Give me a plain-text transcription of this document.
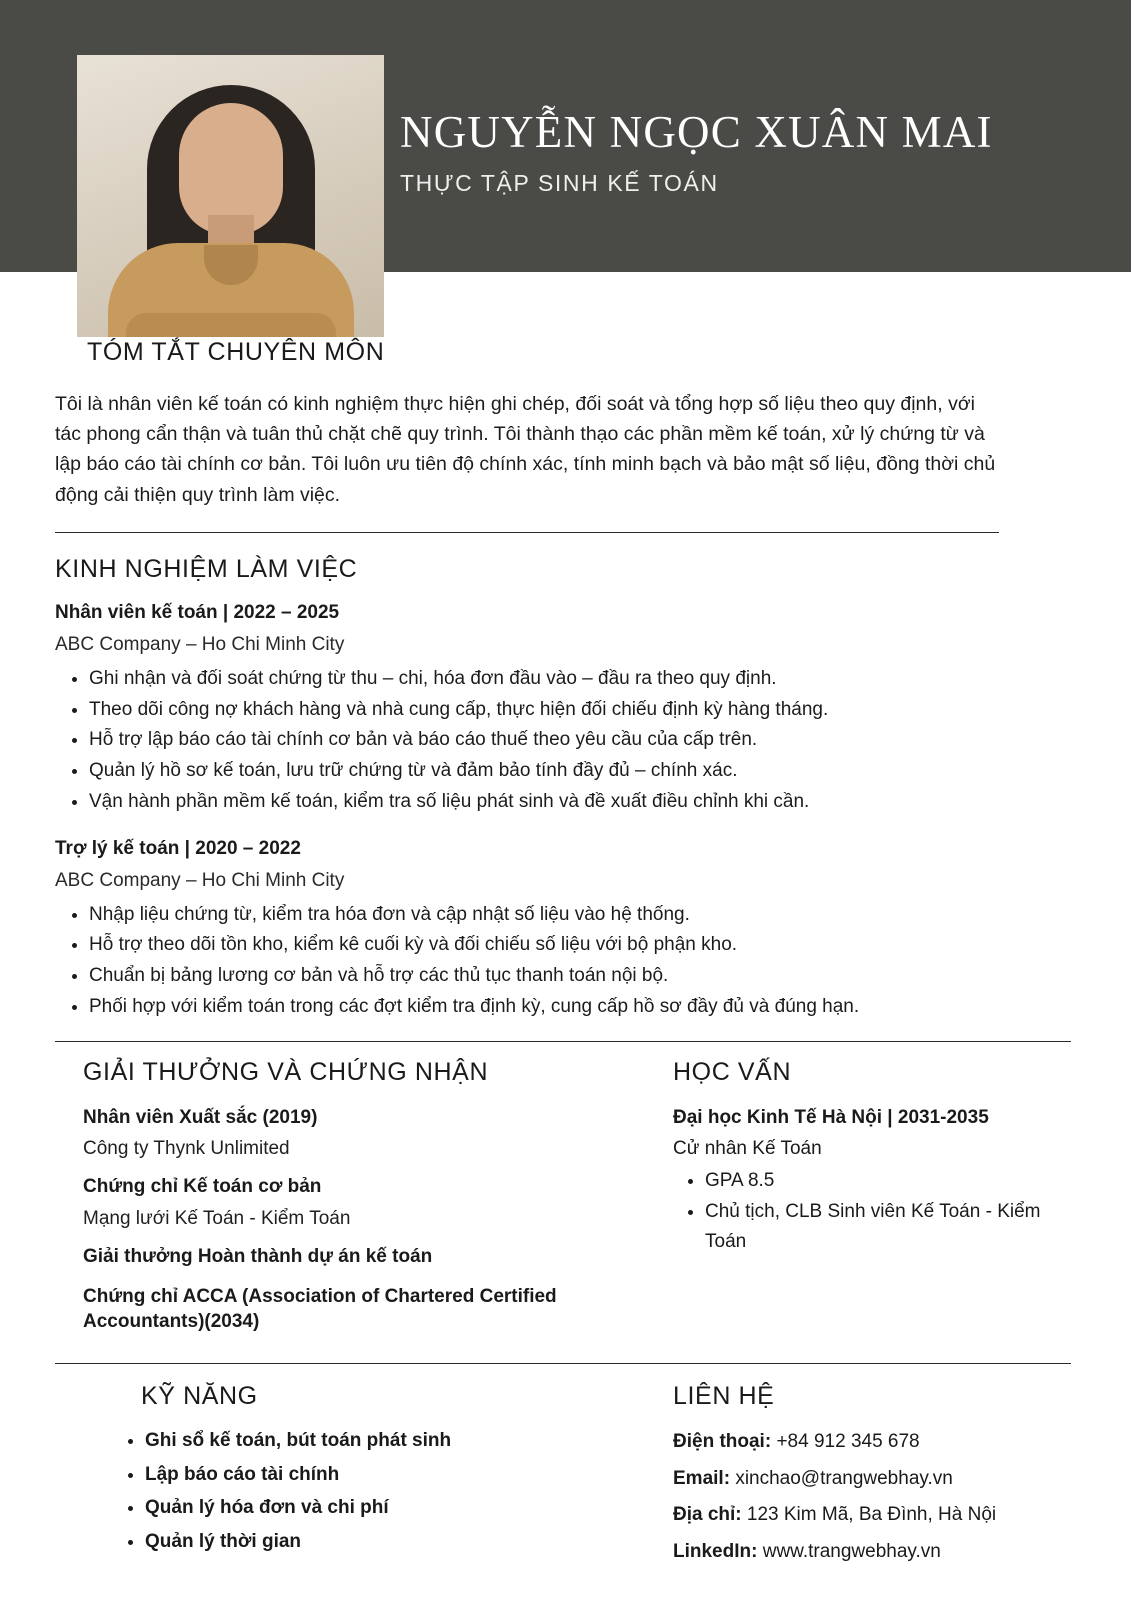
NGUYỄN NGỌC XUÂN MAI
THỰC TẬP SINH KẾ TOÁN
TÓM TẮT CHUYÊN MÔN

Tôi là nhân viên kế toán có kinh nghiệm thực hiện ghi chép, đối soát và tổng hợp số liệu theo quy định, với tác phong cẩn thận và tuân thủ chặt chẽ quy trình. Tôi thành thạo các phần mềm kế toán, xử lý chứng từ và lập báo cáo tài chính cơ bản. Tôi luôn ưu tiên độ chính xác, tính minh bạch và bảo mật số liệu, đồng thời chủ động cải thiện quy trình làm việc.

KINH NGHIỆM LÀM VIỆC

Nhân viên kế toán | 2022 – 2025

ABC Company – Ho Chi Minh City

• Ghi nhận và đối soát chứng từ thu – chi, hóa đơn đầu vào – đầu ra theo quy định.
• Theo dõi công nợ khách hàng và nhà cung cấp, thực hiện đối chiếu định kỳ hàng tháng.
• Hỗ trợ lập báo cáo tài chính cơ bản và báo cáo thuế theo yêu cầu của cấp trên.
• Quản lý hồ sơ kế toán, lưu trữ chứng từ và đảm bảo tính đầy đủ – chính xác.
• Vận hành phần mềm kế toán, kiểm tra số liệu phát sinh và đề xuất điều chỉnh khi cần.

Trợ lý kế toán | 2020 – 2022

ABC Company – Ho Chi Minh City

• Nhập liệu chứng từ, kiểm tra hóa đơn và cập nhật số liệu vào hệ thống.
• Hỗ trợ theo dõi tồn kho, kiểm kê cuối kỳ và đối chiếu số liệu với bộ phận kho.
• Chuẩn bị bảng lương cơ bản và hỗ trợ các thủ tục thanh toán nội bộ.
• Phối hợp với kiểm toán trong các đợt kiểm tra định kỳ, cung cấp hồ sơ đầy đủ và đúng hạn.
GIẢI THƯỞNG VÀ CHỨNG NHẬN

Nhân viên Xuất sắc (2019)

Công ty Thynk Unlimited

Chứng chỉ Kế toán cơ bản

Mạng lưới Kế Toán - Kiểm Toán

Giải thưởng Hoàn thành dự án kế toán

Chứng chỉ ACCA (Association of Chartered Certified Accountants)(2034)

HỌC VẤN

Đại học Kinh Tế Hà Nội | 2031-2035

Cử nhân Kế Toán

• GPA 8.5
• Chủ tịch, CLB Sinh viên Kế Toán - Kiểm Toán
KỸ NĂNG
• Ghi sổ kế toán, bút toán phát sinh
• Lập báo cáo tài chính
• Quản lý hóa đơn và chi phí
• Quản lý thời gian
LIÊN HỆ

Điện thoại: +84 912 345 678

Email: xinchao@trangwebhay.vn

Địa chỉ: 123 Kim Mã, Ba Đình, Hà Nội

LinkedIn: www.trangwebhay.vn
